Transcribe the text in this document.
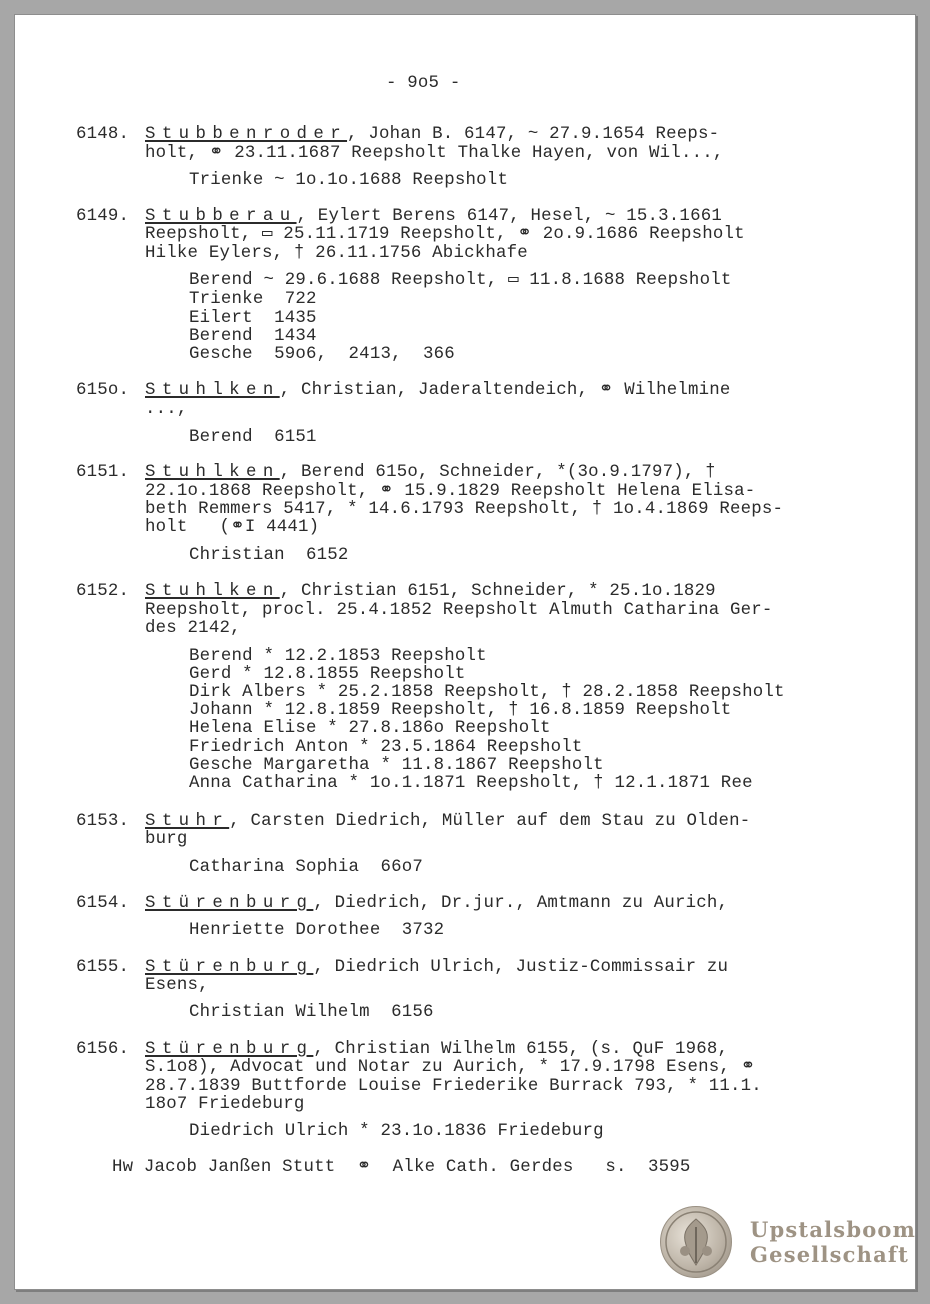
- 9o5 -
6148. Stubbenroder, Johan B. 6147, ~ 27.9.1654 Reeps-
holt, ⚭ 23.11.1687 Reepsholt Thalke Hayen, von Wil...,
Trienke ~ 1o.1o.1688 Reepsholt
6149. Stubberau, Eylert Berens 6147, Hesel, ~ 15.3.1661
Reepsholt, ▭ 25.11.1719 Reepsholt, ⚭ 2o.9.1686 Reepsholt
Hilke Eylers, † 26.11.1756 Abickhafe
Berend ~ 29.6.1688 Reepsholt, ▭ 11.8.1688 Reepsholt
Trienke  722
Eilert  1435
Berend  1434
Gesche  59o6,  2413,  366
615o. Stuhlken, Christian, Jaderaltendeich, ⚭ Wilhelmine
...,
Berend  6151
6151. Stuhlken, Berend 615o, Schneider, *(3o.9.1797), †
22.1o.1868 Reepsholt, ⚭ 15.9.1829 Reepsholt Helena Elisa-
beth Remmers 5417, * 14.6.1793 Reepsholt, † 1o.4.1869 Reeps-
holt   (⚭I 4441)
Christian  6152
6152. Stuhlken, Christian 6151, Schneider, * 25.1o.1829
Reepsholt, procl. 25.4.1852 Reepsholt Almuth Catharina Ger-
des 2142,
Berend * 12.2.1853 Reepsholt
Gerd * 12.8.1855 Reepsholt
Dirk Albers * 25.2.1858 Reepsholt, † 28.2.1858 Reepsholt
Johann * 12.8.1859 Reepsholt, † 16.8.1859 Reepsholt
Helena Elise * 27.8.186o Reepsholt
Friedrich Anton * 23.5.1864 Reepsholt
Gesche Margaretha * 11.8.1867 Reepsholt
Anna Catharina * 1o.1.1871 Reepsholt, † 12.1.1871 Ree
6153. Stuhr, Carsten Diedrich, Müller auf dem Stau zu Olden-
burg
Catharina Sophia  66o7
6154. Stürenburg, Diedrich, Dr.jur., Amtmann zu Aurich,
Henriette Dorothee  3732
6155. Stürenburg, Diedrich Ulrich, Justiz-Commissair zu
Esens,
Christian Wilhelm  6156
6156. Stürenburg, Christian Wilhelm 6155, (s. QuF 1968,
S.1o8), Advocat und Notar zu Aurich, * 17.9.1798 Esens, ⚭
28.7.1839 Buttforde Louise Friederike Burrack 793, * 11.1.
18o7 Friedeburg
Diedrich Ulrich * 23.1o.1836 Friedeburg
Hw Jacob Janßen Stutt  ⚭  Alke Cath. Gerdes   s.  3595
Upstalsboom
Gesellschaft
